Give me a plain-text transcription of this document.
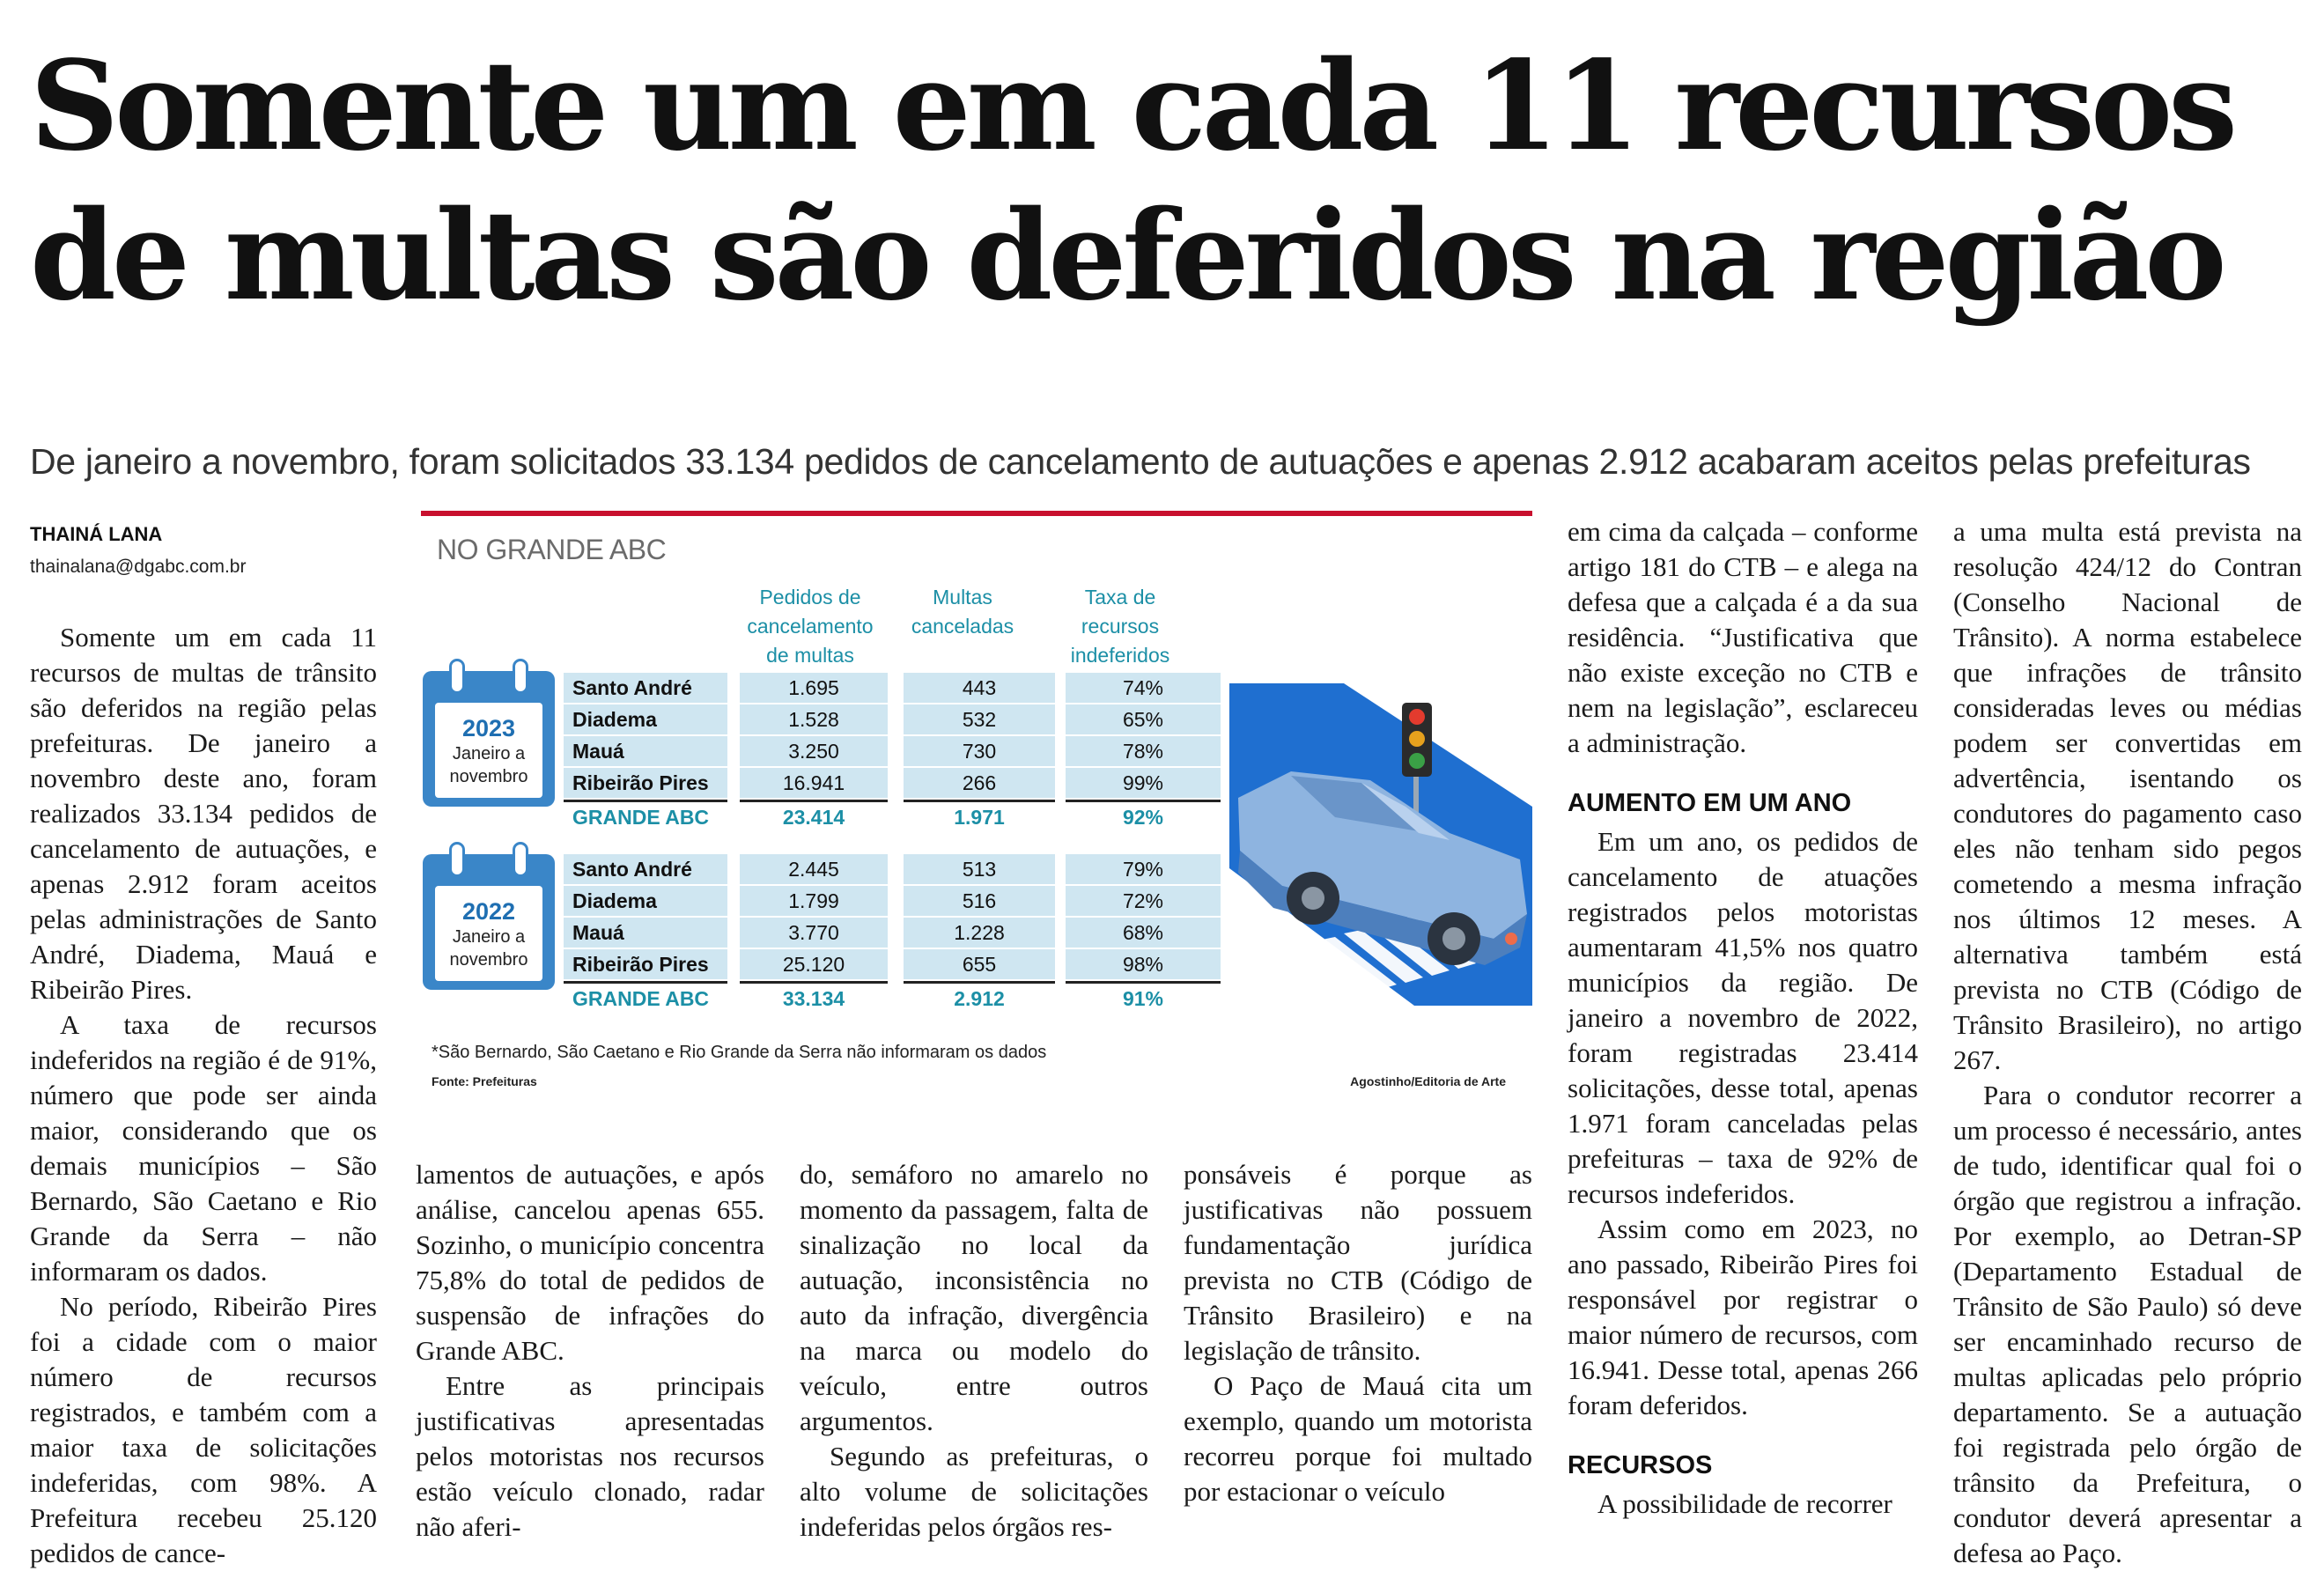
Somente um em cada 11 recursos de multas são deferidos na região
De janeiro a novembro, foram solicitados 33.134 pedidos de cancelamento de autuações e apenas 2.912 acabaram aceitos pelas prefeituras
THAINÁ LANA
thainalana@dgabc.com.br

Somente um em cada 11 recursos de multas de trânsito são deferidos na região pelas prefeituras. De janeiro a novembro deste ano, foram realizados 33.134 pedidos de cancelamento de autuações, e apenas 2.912 foram aceitos pelas administrações de Santo André, Diadema, Mauá e Ribeirão Pires.

A taxa de recursos indeferidos na região é de 91%, número que pode ser ainda maior, considerando que os demais municípios – São Bernardo, São Caetano e Rio Grande da Serra – não informaram os dados.

No período, Ribeirão Pires foi a cidade com o maior número de recursos registrados, e também com a maior taxa de solicitações indeferidas, com 98%. A Prefeitura recebeu 25.120 pedidos de cance-

NO GRANDE ABC
Pedidos de cancelamento de multas
Multas canceladas
Taxa de recursos indeferidos
2023
Janeiro a novembro
2022
Janeiro a novembro
Santo André	1.695	443	74%
Diadema	1.528	532	65%
Mauá	3.250	730	78%
Ribeirão Pires	16.941	266	99%
GRANDE ABC	23.414	1.971	92%
Santo André	2.445	513	79%
Diadema	1.799	516	72%
Mauá	3.770	1.228	68%
Ribeirão Pires	25.120	655	98%
GRANDE ABC	33.134	2.912	91%
*São Bernardo, São Caetano e Rio Grande da Serra não informaram os dados
Fonte: Prefeituras	Agostinho/Editoria de Arte

lamentos de autuações, e após análise, cancelou apenas 655. Sozinho, o município concentra 75,8% do total de pedidos de suspensão de infrações do Grande ABC.

Entre as principais justificativas apresentadas pelos motoristas nos recursos estão veículo clonado, radar não aferi-

do, semáforo no amarelo no momento da passagem, falta de sinalização no local da autuação, inconsistência no auto da infração, divergência na marca ou modelo do veículo, entre outros argumentos.

Segundo as prefeituras, o alto volume de solicitações indeferidas pelos órgãos res-

ponsáveis é porque as justificativas não possuem fundamentação jurídica prevista no CTB (Código de Trânsito Brasileiro) e na legislação de trânsito.

O Paço de Mauá cita um exemplo, quando um motorista recorreu porque foi multado por estacionar o veículo

em cima da calçada – conforme artigo 181 do CTB – e alega na defesa que a calçada é a da sua residência. “Justificativa que não existe exceção no CTB e nem na legislação”, esclareceu a administração.

AUMENTO EM UM ANO

Em um ano, os pedidos de cancelamento de atuações registrados pelos motoristas aumentaram 41,5% nos quatro municípios da região. De janeiro a novembro de 2022, foram registradas 23.414 solicitações, desse total, apenas 1.971 foram canceladas pelas prefeituras – taxa de 92% de recursos indeferidos.

Assim como em 2023, no ano passado, Ribeirão Pires foi responsável por registrar o maior número de recursos, com 16.941. Desse total, apenas 266 foram deferidos.

RECURSOS

A possibilidade de recorrer

a uma multa está prevista na resolução 424/12 do Contran (Conselho Nacional de Trânsito). A norma estabelece que infrações de trânsito consideradas leves ou médias podem ser convertidas em advertência, isentando os condutores do pagamento caso eles não tenham sido pegos cometendo a mesma infração nos últimos 12 meses. A alternativa também está prevista no CTB (Código de Trânsito Brasileiro), no artigo 267.

Para o condutor recorrer a um processo é necessário, antes de tudo, identificar qual foi o órgão que registrou a infração. Por exemplo, ao Detran-SP (Departamento Estadual de Trânsito de São Paulo) só deve ser encaminhado recurso de multas aplicadas pelo próprio departamento. Se a autuação foi registrada pelo órgão de trânsito da Prefeitura, o condutor deverá apresentar a defesa ao Paço.
